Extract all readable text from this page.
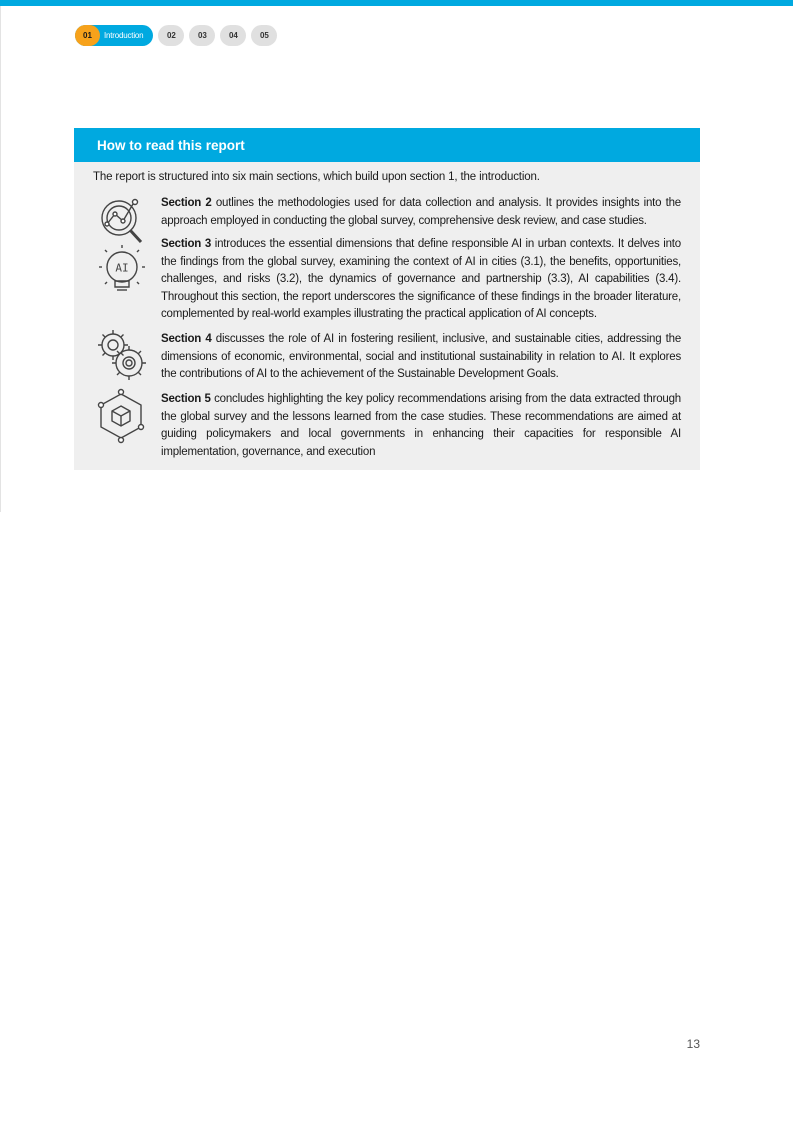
01	Introduction	02	03	04	05
How to read this report
The report is structured into six main sections, which build upon section 1, the introduction.
Section 2 outlines the methodologies used for data collection and analysis. It provides insights into the approach employed in conducting the global survey, comprehensive desk review, and case studies.
AI
Section 3 introduces the essential dimensions that define responsible AI in urban contexts. It delves into the findings from the global survey, examining the context of AI in cities (3.1), the benefits, opportunities, challenges, and risks (3.2), the dynamics of governance and partnership (3.3), AI capabilities (3.4). Throughout this section, the report underscores the significance of these findings in the broader literature, complemented by real-world examples illustrating the practical application of AI concepts.
Section 4 discusses the role of AI in fostering resilient, inclusive, and sustainable cities, addressing the dimensions of economic, environmental, social and institutional sustainability in relation to AI. It explores the contributions of AI to the achievement of the Sustainable Development Goals.
Section 5 concludes highlighting the key policy recommendations arising from the data extracted through the global survey and the lessons learned from the case studies. These recommendations are aimed at guiding policymakers and local governments in enhancing their capacities for responsible AI implementation, governance, and execution
13
